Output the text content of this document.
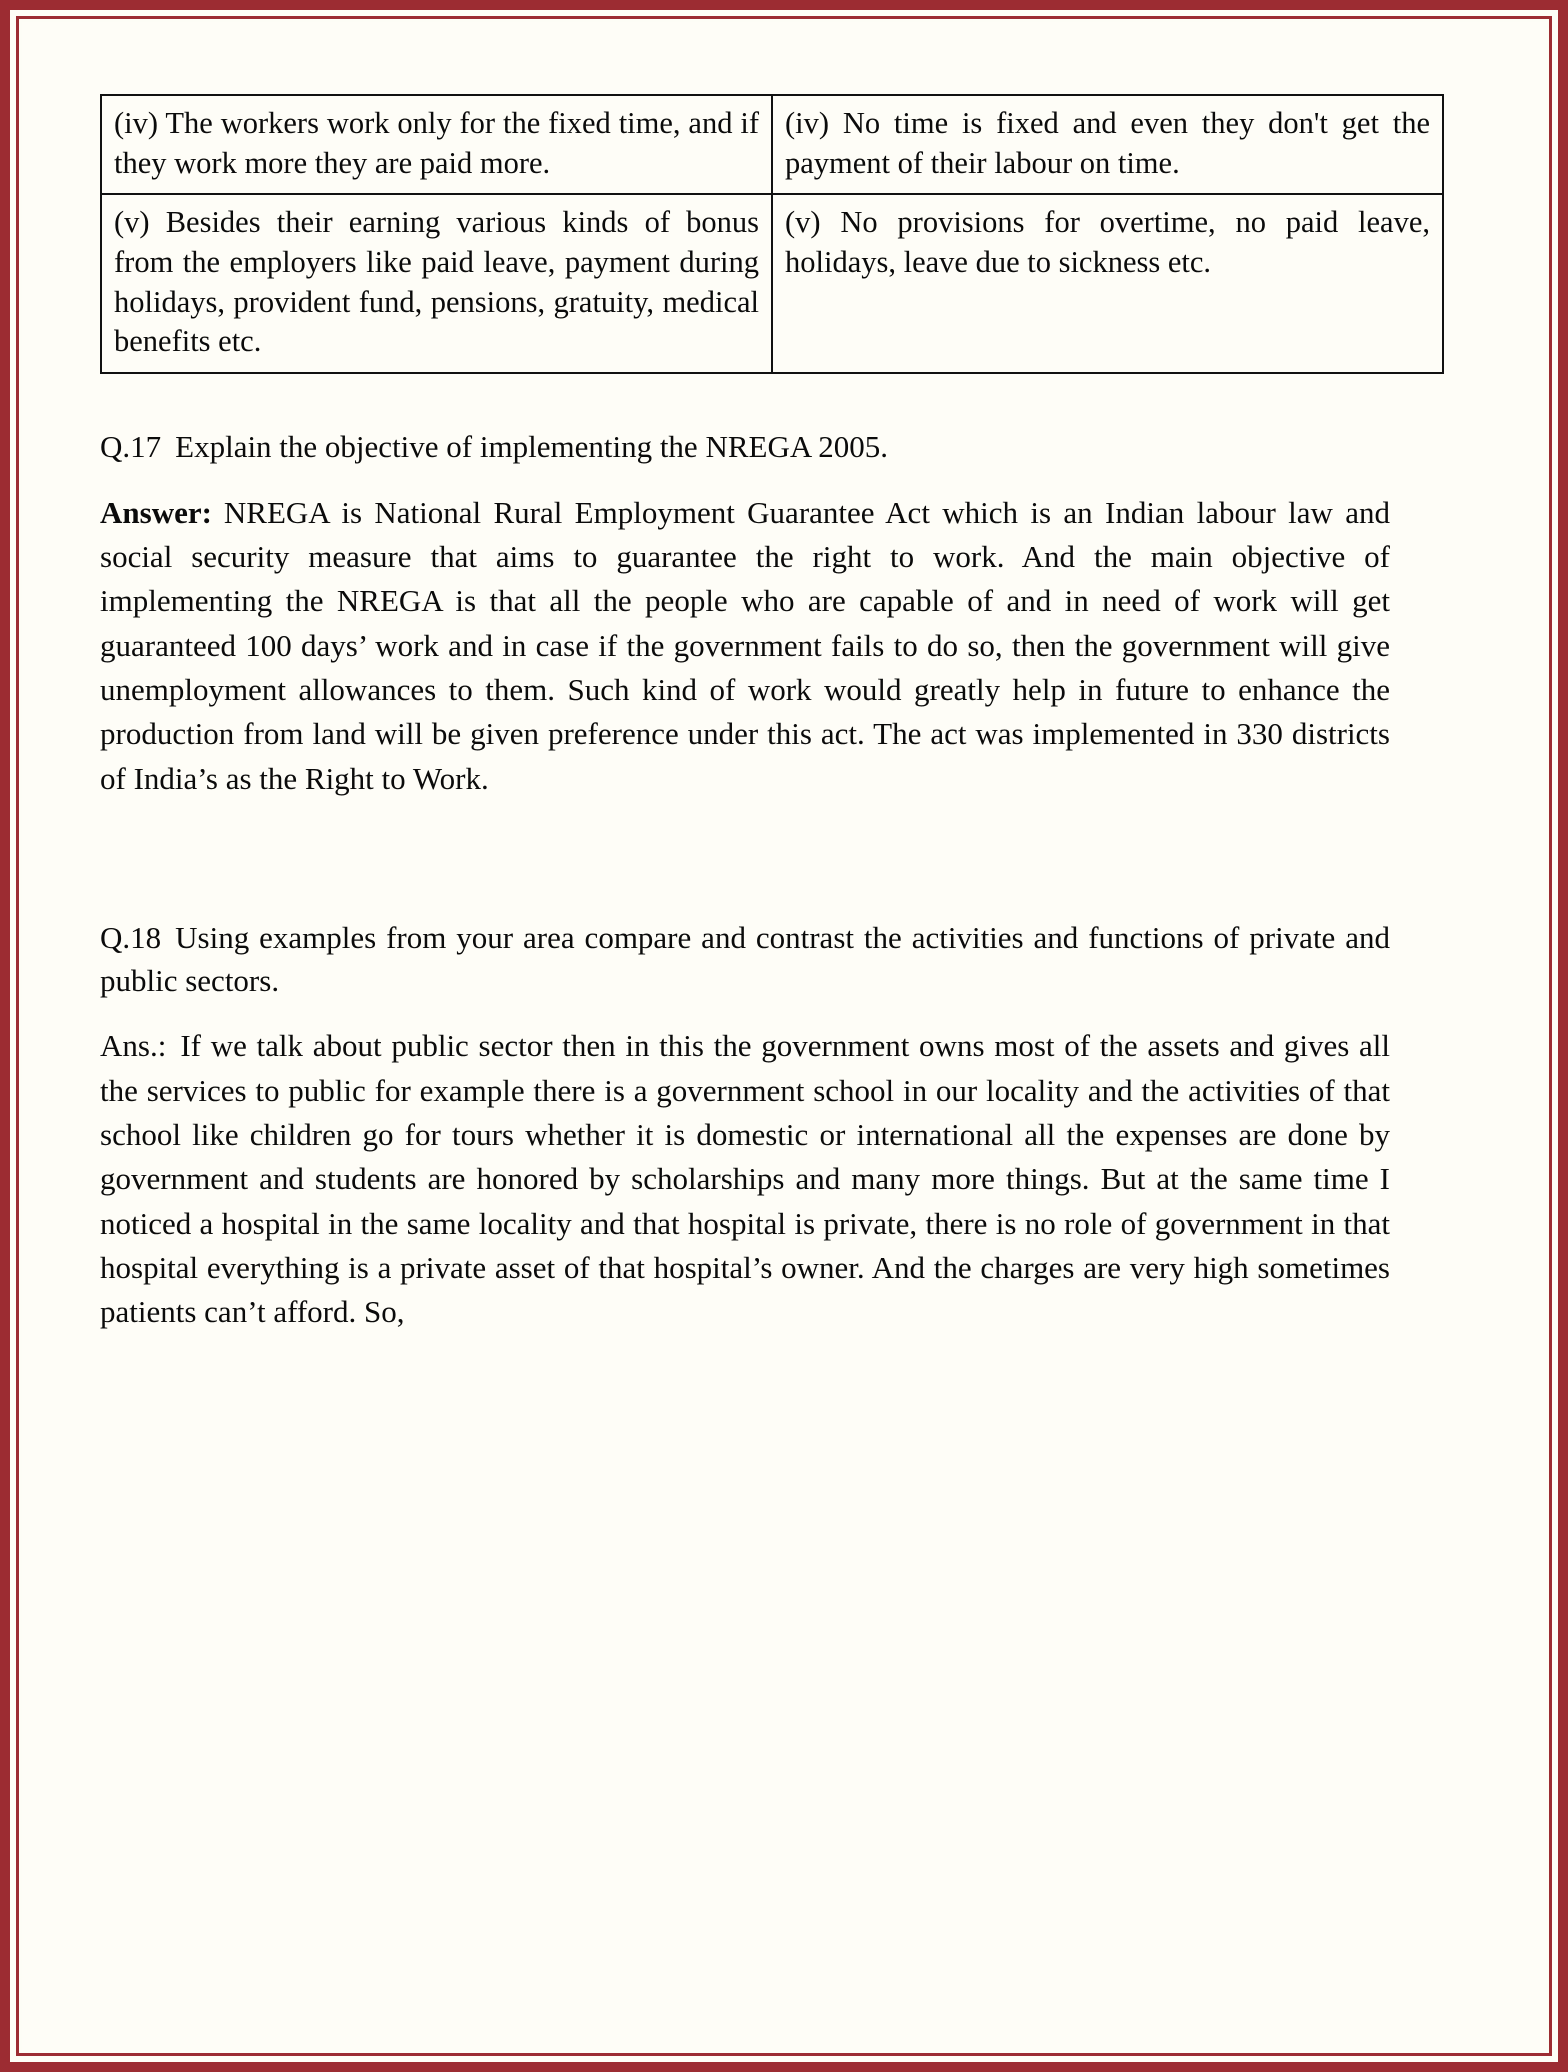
(iv) The workers work only for the fixed time, and if they work more they are paid more.	(iv) No time is fixed and even they don't get the payment of their labour on time.
(v) Besides their earning various kinds of bonus from the employers like paid leave, payment during holidays, provident fund, pensions, gratuity, medical benefits etc.	(v) No provisions for overtime, no paid leave, holidays, leave due to sickness etc.

Q.17 Explain the objective of implementing the NREGA 2005.

Answer: NREGA is National Rural Employment Guarantee Act which is an Indian labour law and social security measure that aims to guarantee the right to work. And the main objective of implementing the NREGA is that all the people who are capable of and in need of work will get guaranteed 100 days’ work and in case if the government fails to do so, then the government will give unemployment allowances to them. Such kind of work would greatly help in future to enhance the production from land will be given preference under this act. The act was implemented in 330 districts of India’s as the Right to Work.

Q.18 Using examples from your area compare and contrast the activities and functions of private and public sectors.

Ans.: If we talk about public sector then in this the government owns most of the assets and gives all the services to public for example there is a government school in our locality and the activities of that school like children go for tours whether it is domestic or international all the expenses are done by government and students are honored by scholarships and many more things. But at the same time I noticed a hospital in the same locality and that hospital is private, there is no role of government in that hospital everything is a private asset of that hospital’s owner. And the charges are very high sometimes patients can’t afford. So,
